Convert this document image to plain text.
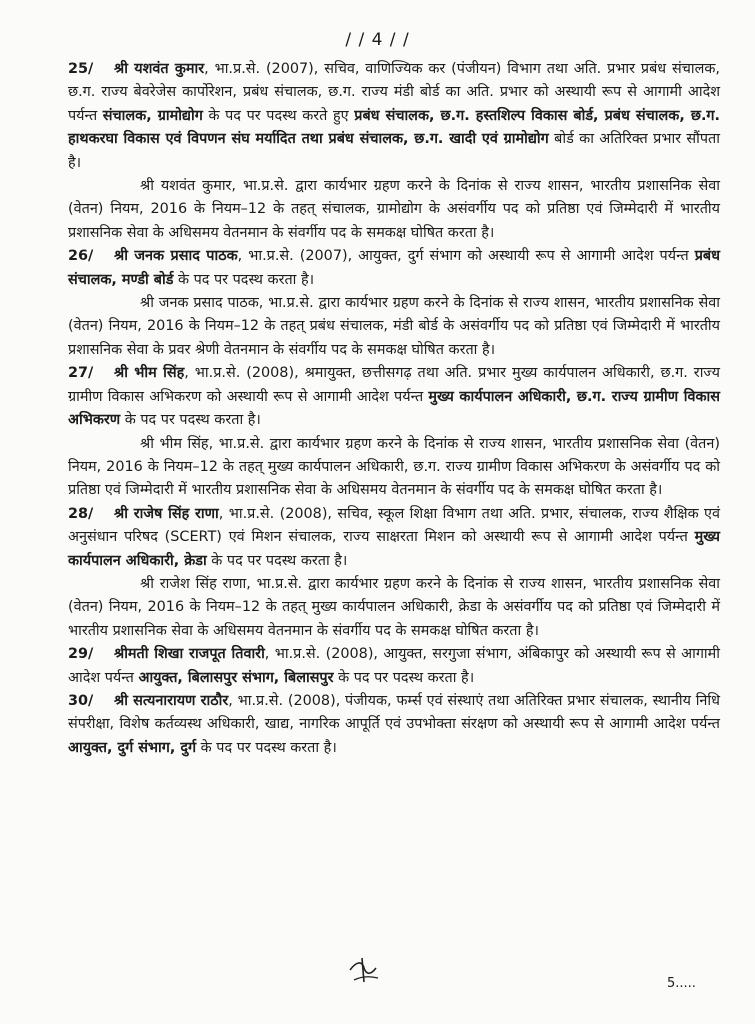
/ / 4 / /

25/ श्री यशवंत कुमार, भा.प्र.से. (2007), सचिव, वाणिज्यिक कर (पंजीयन) विभाग तथा अति. प्रभार प्रबंध संचालक, छ.ग. राज्य बेवरेजेस कार्पोरेशन, प्रबंध संचालक, छ.ग. राज्य मंडी बोर्ड का अति. प्रभार को अस्थायी रूप से आगामी आदेश पर्यन्त संचालक, ग्रामोद्योग के पद पर पदस्थ करते हुए प्रबंध संचालक, छ.ग. हस्तशिल्प विकास बोर्ड, प्रबंध संचालक, छ.ग. हाथकरघा विकास एवं विपणन संघ मर्यादित तथा प्रबंध संचालक, छ.ग. खादी एवं ग्रामोद्योग बोर्ड का अतिरिक्त प्रभार सौंपता है।

श्री यशवंत कुमार, भा.प्र.से. द्वारा कार्यभार ग्रहण करने के दिनांक से राज्य शासन, भारतीय प्रशासनिक सेवा (वेतन) नियम, 2016 के नियम–12 के तहत् संचालक, ग्रामोद्योग के असंवर्गीय पद को प्रतिष्ठा एवं जिम्मेदारी में भारतीय प्रशासनिक सेवा के अधिसमय वेतनमान के संवर्गीय पद के समकक्ष घोषित करता है।

26/ श्री जनक प्रसाद पाठक, भा.प्र.से. (2007), आयुक्त, दुर्ग संभाग को अस्थायी रूप से आगामी आदेश पर्यन्त प्रबंध संचालक, मण्डी बोर्ड के पद पर पदस्थ करता है।

श्री जनक प्रसाद पाठक, भा.प्र.से. द्वारा कार्यभार ग्रहण करने के दिनांक से राज्य शासन, भारतीय प्रशासनिक सेवा (वेतन) नियम, 2016 के नियम–12 के तहत् प्रबंध संचालक, मंडी बोर्ड के असंवर्गीय पद को प्रतिष्ठा एवं जिम्मेदारी में भारतीय प्रशासनिक सेवा के प्रवर श्रेणी वेतनमान के संवर्गीय पद के समकक्ष घोषित करता है।

27/ श्री भीम सिंह, भा.प्र.से. (2008), श्रमायुक्त, छत्तीसगढ़ तथा अति. प्रभार मुख्य कार्यपालन अधिकारी, छ.ग. राज्य ग्रामीण विकास अभिकरण को अस्थायी रूप से आगामी आदेश पर्यन्त मुख्य कार्यपालन अधिकारी, छ.ग. राज्य ग्रामीण विकास अभिकरण के पद पर पदस्थ करता है।

श्री भीम सिंह, भा.प्र.से. द्वारा कार्यभार ग्रहण करने के दिनांक से राज्य शासन, भारतीय प्रशासनिक सेवा (वेतन) नियम, 2016 के नियम–12 के तहत् मुख्य कार्यपालन अधिकारी, छ.ग. राज्य ग्रामीण विकास अभिकरण के असंवर्गीय पद को प्रतिष्ठा एवं जिम्मेदारी में भारतीय प्रशासनिक सेवा के अधिसमय वेतनमान के संवर्गीय पद के समकक्ष घोषित करता है।

28/ श्री राजेष सिंह राणा, भा.प्र.से. (2008), सचिव, स्कूल शिक्षा विभाग तथा अति. प्रभार, संचालक, राज्य शैक्षिक एवं अनुसंधान परिषद (SCERT) एवं मिशन संचालक, राज्य साक्षरता मिशन को अस्थायी रूप से आगामी आदेश पर्यन्त मुख्य कार्यपालन अधिकारी, क्रेडा के पद पर पदस्थ करता है।

श्री राजेश सिंह राणा, भा.प्र.से. द्वारा कार्यभार ग्रहण करने के दिनांक से राज्य शासन, भारतीय प्रशासनिक सेवा (वेतन) नियम, 2016 के नियम–12 के तहत् मुख्य कार्यपालन अधिकारी, क्रेडा के असंवर्गीय पद को प्रतिष्ठा एवं जिम्मेदारी में भारतीय प्रशासनिक सेवा के अधिसमय वेतनमान के संवर्गीय पद के समकक्ष घोषित करता है।

29/ श्रीमती शिखा राजपूत तिवारी, भा.प्र.से. (2008), आयुक्त, सरगुजा संभाग, अंबिकापुर को अस्थायी रूप से आगामी आदेश पर्यन्त आयुक्त, बिलासपुर संभाग, बिलासपुर के पद पर पदस्थ करता है।

30/ श्री सत्यनारायण राठौर, भा.प्र.से. (2008), पंजीयक, फर्म्स एवं संस्थाएं तथा अतिरिक्त प्रभार संचालक, स्थानीय निधि संपरीक्षा, विशेष कर्तव्यस्थ अधिकारी, खाद्य, नागरिक आपूर्ति एवं उपभोक्ता संरक्षण को अस्थायी रूप से आगामी आदेश पर्यन्त आयुक्त, दुर्ग संभाग, दुर्ग के पद पर पदस्थ करता है।

5.....
